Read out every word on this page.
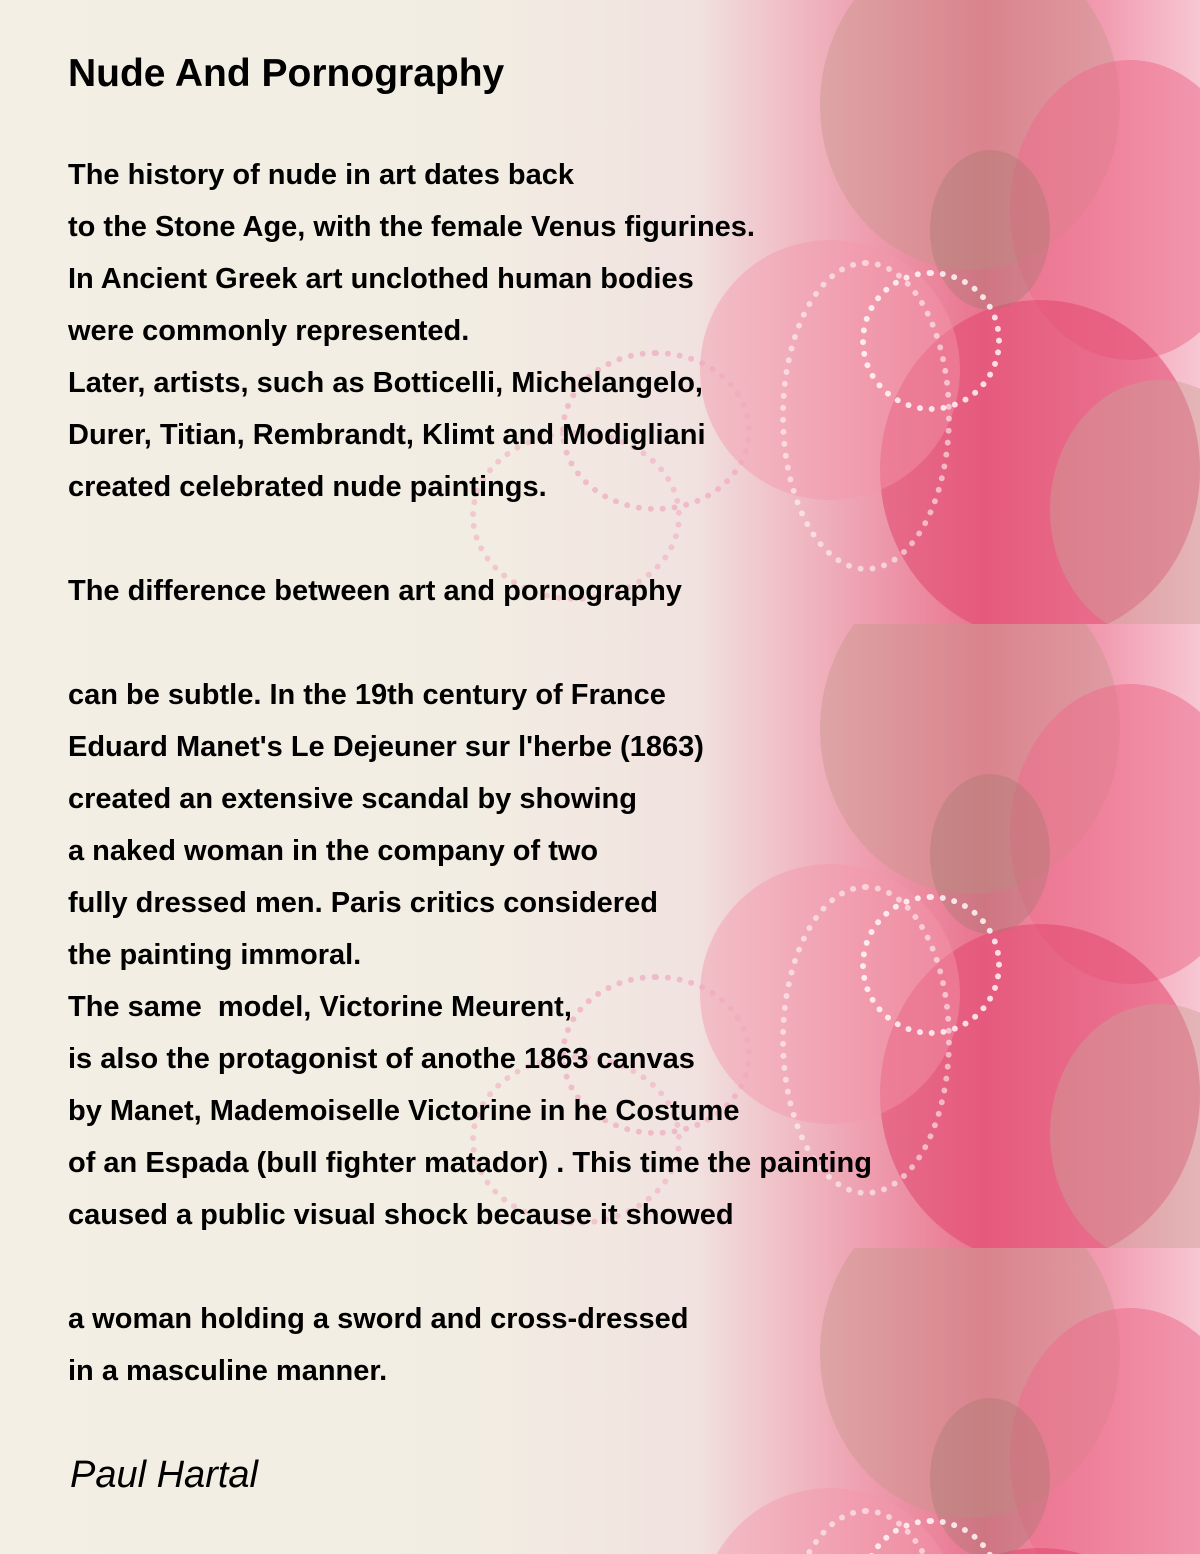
Nude And Pornography
The history of nude in art dates back
to the Stone Age, with the female Venus figurines.
In Ancient Greek art unclothed human bodies
were commonly represented.
Later, artists, such as Botticelli, Michelangelo,
Durer, Titian, Rembrandt, Klimt and Modigliani
created celebrated nude paintings.
The difference between art and pornography
can be subtle. In the 19th century of France
Eduard Manet's Le Dejeuner sur l'herbe (1863)
created an extensive scandal by showing
a naked woman in the company of two
fully dressed men. Paris critics considered
the painting immoral.
The same  model, Victorine Meurent,
is also the protagonist of anothe 1863 canvas
by Manet, Mademoiselle Victorine in he Costume
of an Espada (bull fighter matador) . This time the painting
caused a public visual shock because it showed
a woman holding a sword and cross-dressed
in a masculine manner.
Paul Hartal
